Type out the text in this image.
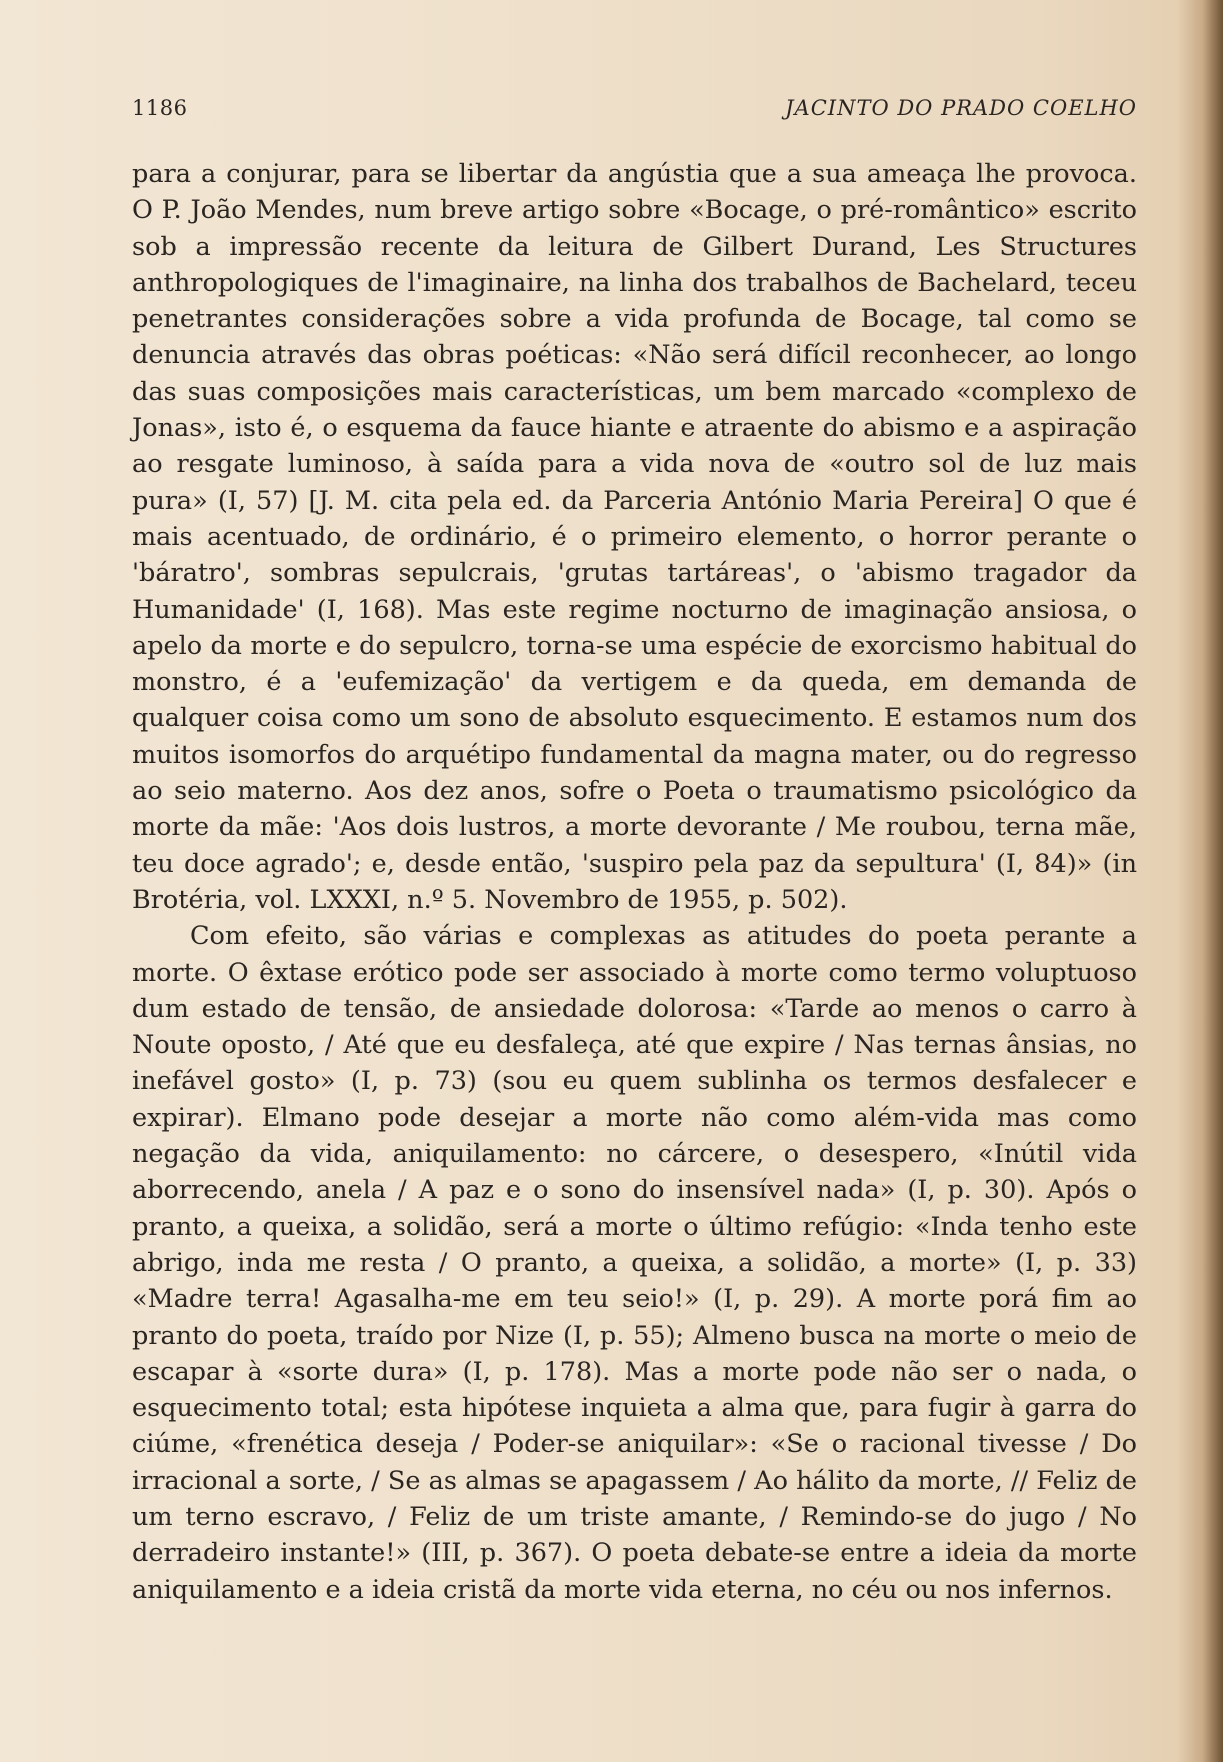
1186	JACINTO DO PRADO COELHO

para a conjurar, para se libertar da angústia que a sua ameaça lhe provoca. O P. João Mendes, num breve artigo sobre «Bocage, o pré-romântico» escrito sob a impressão recente da leitura de Gilbert Durand, Les Structures anthropologiques de l'imaginaire, na linha dos trabalhos de Bachelard, teceu penetrantes considerações sobre a vida profunda de Bocage, tal como se denuncia através das obras poéticas: «Não será difícil reconhecer, ao longo das suas composições mais características, um bem marcado «complexo de Jonas», isto é, o esquema da fauce hiante e atraente do abismo e a aspiração ao resgate luminoso, à saída para a vida nova de «outro sol de luz mais pura» (I, 57) [J. M. cita pela ed. da Parceria António Maria Pereira] O que é mais acentuado, de ordinário, é o primeiro elemento, o horror perante o 'báratro', sombras sepulcrais, 'grutas tartáreas', o 'abismo tragador da Humanidade' (I, 168). Mas este regime nocturno de imaginação ansiosa, o apelo da morte e do sepulcro, torna-se uma espécie de exorcismo habitual do monstro, é a 'eufemização' da vertigem e da queda, em demanda de qualquer coisa como um sono de absoluto esquecimento. E estamos num dos muitos isomorfos do arquétipo fundamental da magna mater, ou do regresso ao seio materno. Aos dez anos, sofre o Poeta o traumatismo psicológico da morte da mãe: 'Aos dois lustros, a morte devorante / Me roubou, terna mãe, teu doce agrado'; e, desde então, 'suspiro pela paz da sepultura' (I, 84)» (in Brotéria, vol. LXXXI, n.º 5. Novembro de 1955, p. 502).

Com efeito, são várias e complexas as atitudes do poeta perante a morte. O êxtase erótico pode ser associado à morte como termo voluptuoso dum estado de tensão, de ansiedade dolorosa: «Tarde ao menos o carro à Noute oposto, / Até que eu desfaleça, até que expire / Nas ternas ânsias, no inefável gosto» (I, p. 73) (sou eu quem sublinha os termos desfalecer e expirar). Elmano pode desejar a morte não como além-vida mas como negação da vida, aniquilamento: no cárcere, o desespero, «Inútil vida aborrecendo, anela / A paz e o sono do insensível nada» (I, p. 30). Após o pranto, a queixa, a solidão, será a morte o último refúgio: «Inda tenho este abrigo, inda me resta / O pranto, a queixa, a solidão, a morte» (I, p. 33) «Madre terra! Agasalha-me em teu seio!» (I, p. 29). A morte porá fim ao pranto do poeta, traído por Nize (I, p. 55); Almeno busca na morte o meio de escapar à «sorte dura» (I, p. 178). Mas a morte pode não ser o nada, o esquecimento total; esta hipótese inquieta a alma que, para fugir à garra do ciúme, «frenética deseja / Poder-se aniquilar»: «Se o racional tivesse / Do irracional a sorte, / Se as almas se apagassem / Ao hálito da morte, // Feliz de um terno escravo, / Feliz de um triste amante, / Remindo-se do jugo / No derradeiro instante!» (III, p. 367). O poeta debate-se entre a ideia da morte aniquilamento e a ideia cristã da morte vida eterna, no céu ou nos infernos.
